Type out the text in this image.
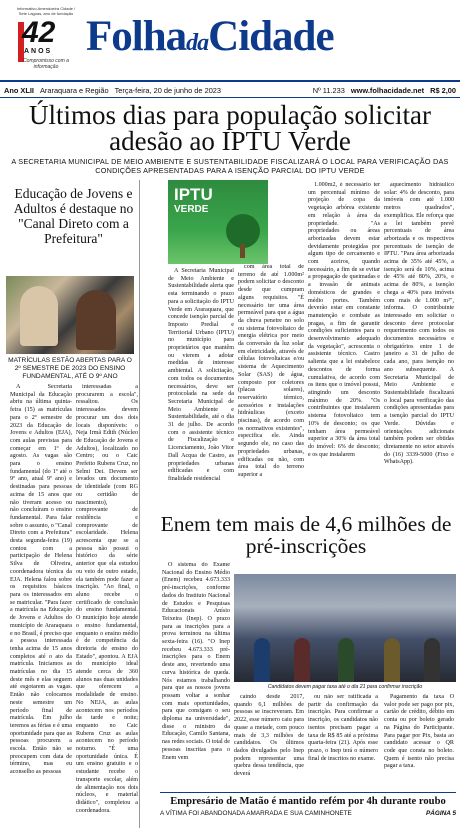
Informativo Amendoeira Cidade / Sete Lagoas, ano de fundação
42
ANOS
Compromisso com a informação
FolhadaCidade
Ano XLII Araraquara e Região Terça-feira, 20 de junho de 2023	Nº 11.233 www.folhacidade.net R$ 2,00
Últimos dias para população solicitar adesão ao IPTU Verde
A SECRETARIA MUNICIPAL DE MEIO AMBIENTE E SUSTENTABILIDADE FISCALIZARÁ O LOCAL PARA VERIFICAÇÃO DAS CONDIÇÕES APRESENTADAS PARA A ISENÇÃO PARCIAL DO IPTU VERDE
Educação de Jovens e Adultos é destaque no "Canal Direto com a Prefeitura"
MATRÍCULAS ESTÃO ABERTAS PARA O 2º SEMESTRE DE 2023 DO ENSINO FUNDAMENTAL, ATÉ O 9º ANO

A Secretaria Municipal da Educação abriu na última quinta-feira (15) as matrículas para o 2º semestre de 2023 da Educação de Jovens e Adultos (EJA), com aulas previstas para começar em 1º de agosto. As vagas são para o ensino fundamental (do 1º até o 9º ano, atual 9º ano) e destinadas para pessoas acima de 15 anos que não tiveram acesso ou não concluíram o ensino fundamental. Para falar sobre o assunto, o "Canal Direto com a Prefeitura" desta segunda-feira (19) contou com a participação de Helena Silva de Oliveira, coordenadora técnica da EJA. Helena falou sobre os requisitos básicos para os interessados em se matricular. "Para fazer a matrícula na Educação de Jovens e Adultos do município de Araraquara e no Brasil, é preciso que a pessoa interessada tenha acima de 15 anos completos até o ato da matrícula. Iniciamos as matrículas no dia 15 deste mês e elas seguem até esgotarem as vagas. Então não colocamos neste semestre um período final de matrícula. Em julho teremos as férias e é uma oportunidade para que as pessoas procurem a escola. Então não se preocupem com data de término, mas eu aconselho as pessoas

interessadas a procurarem a escola", ressaltou. Os interessados devem procurar um dos dois locais disponíveis: o Neja Irmã Edith (Núcleo de Educação de Jovens e Adultos), localizado no Centro; ou o Caic Prefeito Rubens Cruz, no Selmi Dei. Devem ser levados um documento de identidade (com RG ou certidão de nascimento), comprovante de residência e comprovante de escolaridade. Helena acrescenta que se a pessoa não possui o histórico da série anterior que ela estudou ou veio de outro estado, ela também pode fazer a inscrição. "Ao final, o aluno recebe o certificado de conclusão do ensino fundamental. O município hoje atende o ensino fundamental, enquanto o ensino médio é de competência da diretoria de ensino do Estado", apontou. A EJA do município ideal atende cerca de 360 alunos nas duas unidades que oferecem a modalidade de ensino. No NEJA, as aulas acontecem nos períodos da tarde e noite; enquanto no Caic Rubens Cruz as aulas acontecem no período noturno. "É uma oportunidade única. É um ensino gratuito e o estudante recebe o transporte escolar, além de alimentação nos dois núcleos, e material didático", completou a coordenadora.

IPTU
VERDE

A Secretaria Municipal de Meio Ambiente e Sustentabilidade alerta que esta terminando o prazo para a solicitação do IPTU Verde em Araraquara, que concede isenção parcial de Imposto Predial e Territorial Urbano (IPTU) no município para proprietários que mantêm ou vierem a adotar medidas de interesse ambiental. A solicitação, com todos os documentos necessários, deve ser protocolada na sede da Secretaria Municipal de Meio Ambiente e Sustentabilidade, até o dia 31 de julho. De acordo com o assistente técnico de Fiscalização e Licenciamento, João Vitor Dall Acqua de Castro, as propriedades urbanas edificadas e com finalidade residencial

com área total de terreno de até 1.000m² podem solicitar o desconto desde que cumpram alguns requisitos. "É necessário ter uma área permeável para que a água da chuva penetre no solo ou sistema fotovoltaico de energia elétrica por meio da conversão da luz solar em eletricidade, através de células fotovoltaicas e/ou sistema de Aquecimento Solar (SAS) de água, composto por coletores (placas solares), reservatório térmico, acessórios e instalações hidráulicas (exceto piscinas), de acordo com os normativos existentes", especifica ele. Ainda segundo ele, no caso das propriedades urbanas, edificadas ou não, com área total do terreno superior a

1.000m2, é necessário ter um percentual mínimo de projeção de copa da vegetação arbórea existente em relação à área da propriedade. "As propriedades ou áreas arborizadas devem estar devidamente protegidas por algum tipo de cercamento e com aceiros, quando necessário, a fim de se evitar a propagação de queimadas e a invasão de animais domésticos de grandes e médio portes. Também deverão estar em constante manutenção e combate as pragas, a fim de garantir condições suficientes para o desenvolvimento adequado da vegetação", acrescenta o assistente técnico. Castro salienta que a lei estabelece descontos de forma cumulativa, de acordo com os itens que o imóvel possui, atingindo um desconto máximo de 20%. "Os contribuintes que instalarem sistema fotovoltaico tem 10% de desconto; os que tenham área permeável superior a 30% da área total do imóvel: 6% de desconto; e os que instalarem

aquecimento hidráulico solar: 4% de desconto, para imóveis com até 1.000 metros quadrados", exemplifica. Ele reforça que a lei também prevê percentuais de área arborizada e os respectivos percentuais de isenção de IPTU. "Para área arborizada acima de 35% até 45%, a isenção será de 10%, acima de 45% até 80%, 20%, e acima de 80%, a isenção chega a 40% para imóveis com mais de 1.000 m²", informa. O contribuinte interessado em solicitar o desconto deve protocolar requerimento com todos os documentos necessários e obrigatórios entre 1 de janeiro a 31 de julho de cada ano, para isenção no ano subsequente. A Secretaria Municipal de Meio Ambiente e Sustentabilidade fiscalizará o local para verificação das condições apresentadas para a isenção parcial do IPTU Verde. Dúvidas e orientações adicionais também podem ser obtidas diretamente no setor através do (16) 3339-5000 (Fixo e WhatsApp).

Enem tem mais de 4,6 milhões de pré-inscrições

O sistema do Exame Nacional do Ensino Médio (Enem) recebeu 4.673.333 pré-inscrições, conforme dados do Instituto Nacional de Estudos e Pesquisas Educacionais Anísio Teixeira (Inep). O prazo para as inscrições para a prova terminou na última sexta-feira (16). "O Inep recebeu 4.673.333 pré-inscrições para o Enem deste ano, revertendo uma curva histórica de queda. Nós estamos trabalhando para que as nossos jovens possam voltar a sonhar com mais oportunidades, para que consigam o seu diploma na universidade", disse o ministro da Educação, Camilo Santana, nas redes sociais. O total de pessoas inscritas para o Enem vem

Candidatos devem pagar taxa até o dia 21 para confirmar inscrição

caindo desde 2017, quando 6,1 milhões de pessoas se inscreveram. Em 2022, esse número caiu para quase a metade, com pouco mais de 3,3 milhões de candidatos. Os últimos dados divulgados pelo Inep podem representar uma quebra dessa tendência, que deverá

ou não ser ratificada a partir da confirmação da inscrição. Para confirmar a inscrição, os candidatos não isentos precisam pagar a taxa de R$ 85 até a próxima quarta-feira (21). Após esse prazo, o Inep terá o número final de inscritos no exame.

Pagamento da taxa O valor pode ser pago por pix, cartão de crédito, débito em conta ou por boleto gerado na Página do Participante. Para pagar por Pix, basta ao candidato acessar o QR code que consta no boleto. Quem é isento não precisa pagar a taxa.

Empresário de Matão é mantido refém por 4h durante roubo
A VÍTIMA FOI ABANDONADA AMARRADA E SUA CAMINHONETE	PÁGINA 5
